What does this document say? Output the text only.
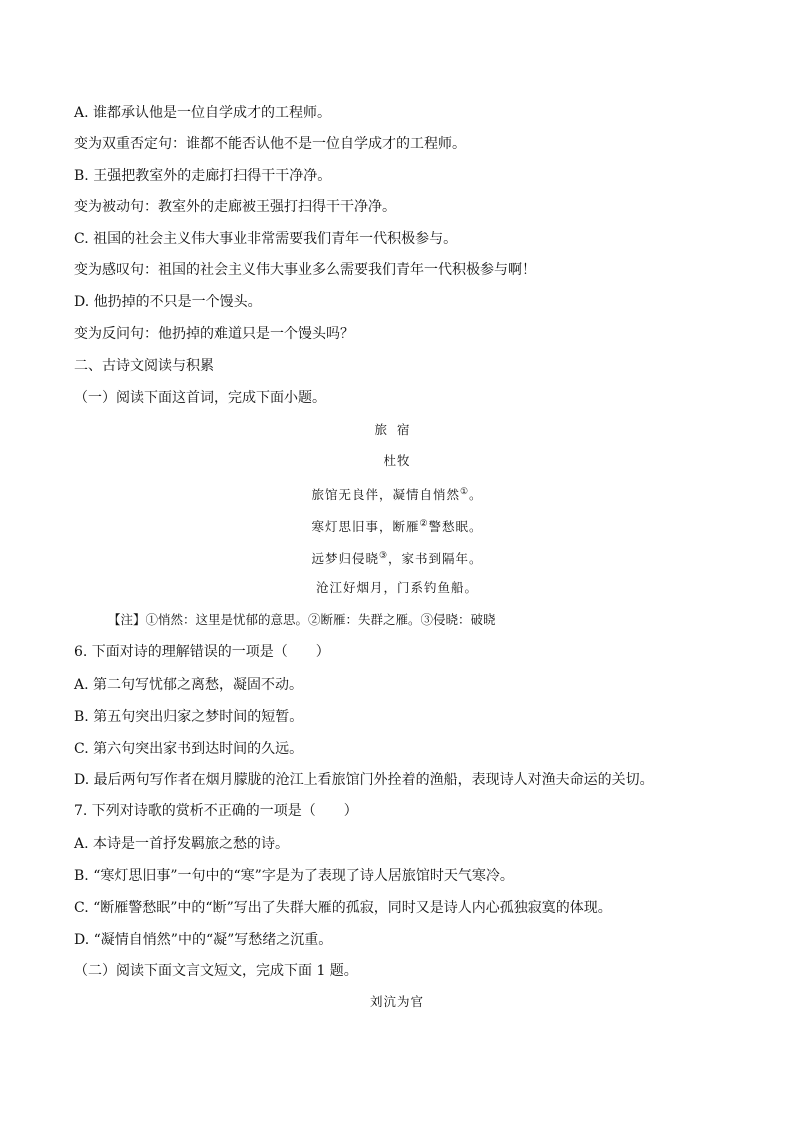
A. 谁都承认他是一位自学成才的工程师。
变为双重否定句：谁都不能否认他不是一位自学成才的工程师。
B. 王强把教室外的走廊打扫得干干净净。
变为被动句：教室外的走廊被王强打扫得干干净净。
C. 祖国的社会主义伟大事业非常需要我们青年一代积极参与。
变为感叹句：祖国的社会主义伟大事业多么需要我们青年一代积极参与啊！
D. 他扔掉的不只是一个馒头。
变为反问句：他扔掉的难道只是一个馒头吗？
二、古诗文阅读与积累
（一）阅读下面这首词，完成下面小题。
旅宿
杜牧
旅馆无良伴，凝情自悄然①。
寒灯思旧事，断雁②警愁眠。
远梦归侵晓③，家书到隔年。
沧江好烟月，门系钓鱼船。
【注】①悄然：这里是忧郁的意思。②断雁：失群之雁。③侵晓：破晓
6. 下面对诗的理解错误的一项是（　　）
A. 第二句写忧郁之离愁，凝固不动。
B. 第五句突出归家之梦时间的短暂。
C. 第六句突出家书到达时间的久远。
D. 最后两句写作者在烟月朦胧的沧江上看旅馆门外拴着的渔船，表现诗人对渔夫命运的关切。
7. 下列对诗歌的赏析不正确的一项是（　　）
A. 本诗是一首抒发羁旅之愁的诗。
B. “寒灯思旧事”一句中的“寒”字是为了表现了诗人居旅馆时天气寒冷。
C. “断雁警愁眠”中的“断”写出了失群大雁的孤寂，同时又是诗人内心孤独寂寞的体现。
D. “凝情自悄然”中的“凝”写愁绪之沉重。
（二）阅读下面文言文短文，完成下面 1 题。
刘沆为官
